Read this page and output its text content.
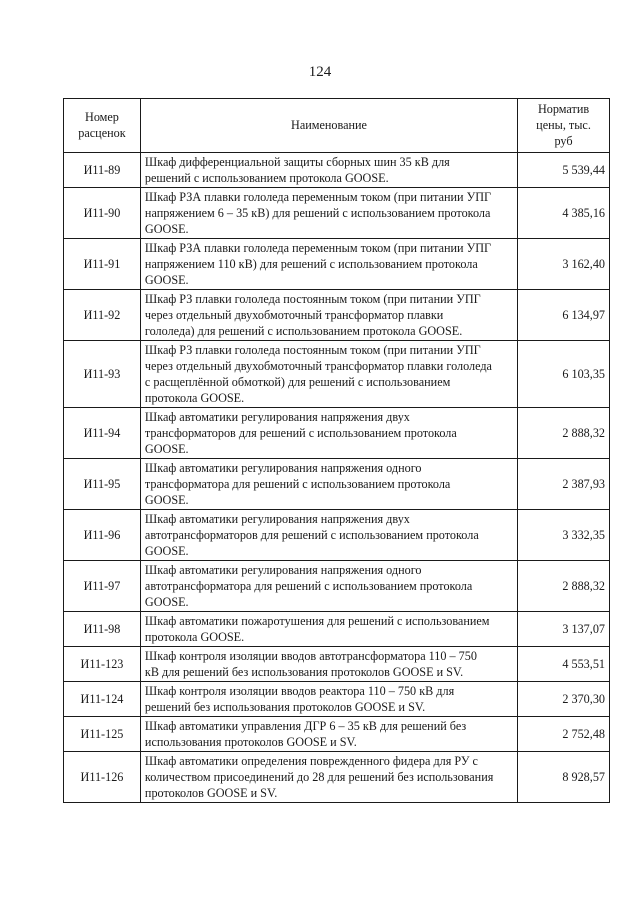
124
Номер
расценок	Наименование	Норматив
цены, тыс.
руб
И11-89	Шкаф дифференциальной защиты сборных шин 35 кВ для
решений с использованием протокола GOOSE.	5 539,44
И11-90	Шкаф РЗА плавки гололеда переменным током (при питании УПГ
напряжением 6 – 35 кВ) для решений с использованием протокола
GOOSE.	4 385,16
И11-91	Шкаф РЗА плавки гололеда переменным током (при питании УПГ
напряжением 110 кВ) для решений с использованием протокола
GOOSE.	3 162,40
И11-92	Шкаф РЗ плавки гололеда постоянным током (при питании УПГ
через отдельный двухобмоточный трансформатор плавки
гололеда) для решений с использованием протокола GOOSE.	6 134,97
И11-93	Шкаф РЗ плавки гололеда постоянным током (при питании УПГ
через отдельный двухобмоточный трансформатор плавки гололеда
с расщеплённой обмоткой) для решений с использованием
протокола GOOSE.	6 103,35
И11-94	Шкаф автоматики регулирования напряжения двух
трансформаторов для решений с использованием протокола
GOOSE.	2 888,32
И11-95	Шкаф автоматики регулирования напряжения одного
трансформатора для решений с использованием протокола
GOOSE.	2 387,93
И11-96	Шкаф автоматики регулирования напряжения двух
автотрансформаторов для решений с использованием протокола
GOOSE.	3 332,35
И11-97	Шкаф автоматики регулирования напряжения одного
автотрансформатора для решений с использованием протокола
GOOSE.	2 888,32
И11-98	Шкаф автоматики пожаротушения для решений с использованием
протокола GOOSE.	3 137,07
И11-123	Шкаф контроля изоляции вводов автотрансформатора 110 – 750
кВ для решений без использования протоколов GOOSE и SV.	4 553,51
И11-124	Шкаф контроля изоляции вводов реактора 110 – 750 кВ для
решений без использования протоколов GOOSE и SV.	2 370,30
И11-125	Шкаф автоматики управления ДГР 6 – 35 кВ для решений без
использования протоколов GOOSE и SV.	2 752,48
И11-126	Шкаф автоматики определения поврежденного фидера для РУ с
количеством присоединений до 28 для решений без использования
протоколов GOOSE и SV.	8 928,57
